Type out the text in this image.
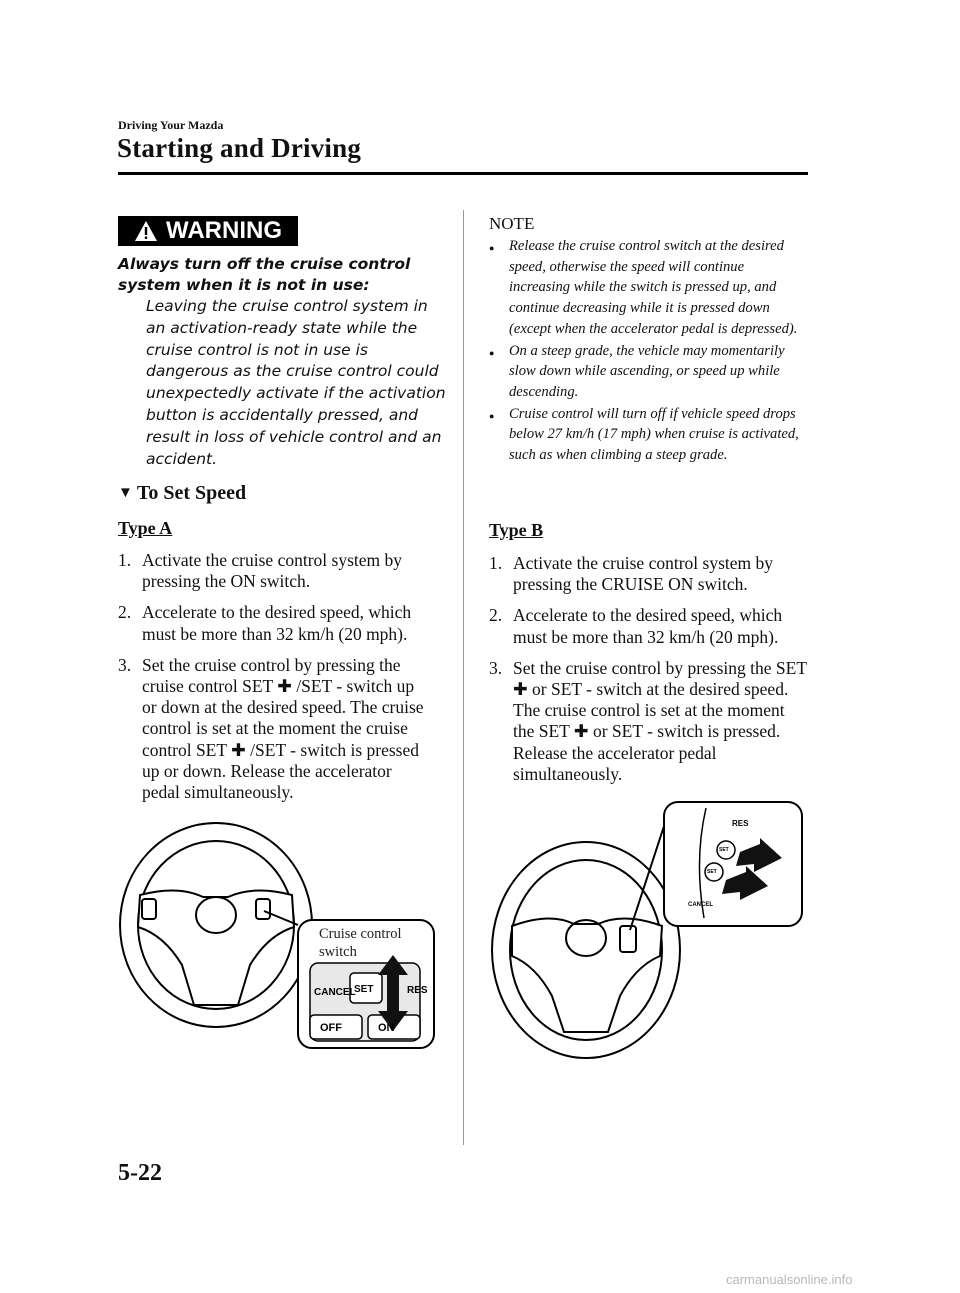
Driving Your Mazda
Starting and Driving
WARNING
Always turn off the cruise control system when it is not in use:
Leaving the cruise control system in an activation-ready state while the cruise control is not in use is dangerous as the cruise control could unexpectedly activate if the activation button is accidentally pressed, and result in loss of vehicle control and an accident.
▼ To Set Speed
Type A
1. Activate the cruise control system by pressing the ON switch.
2. Accelerate to the desired speed, which must be more than 32 km/h (20 mph).
3. Set the cruise control by pressing the cruise control SET ✚ /SET - switch up or down at the desired speed. The cruise control is set at the moment the cruise control SET ✚ /SET - switch is pressed up or down. Release the accelerator pedal simultaneously.
CANCEL
SET	RES
OFF	ON
Cruise control
switch
NOTE
● Release the cruise control switch at the desired speed, otherwise the speed will continue increasing while the switch is pressed up, and continue decreasing while it is pressed down (except when the accelerator pedal is depressed).
● On a steep grade, the vehicle may momentarily slow down while ascending, or speed up while descending.
● Cruise control will turn off if vehicle speed drops below 27 km/h (17 mph) when cruise is activated, such as when climbing a steep grade.
Type B
1. Activate the cruise control system by pressing the CRUISE ON switch.
2. Accelerate to the desired speed, which must be more than 32 km/h (20 mph).
3. Set the cruise control by pressing the SET ✚ or SET - switch at the desired speed. The cruise control is set at the moment the SET ✚ or SET - switch is pressed. Release the accelerator pedal simultaneously.
RES
SET
SET
CANCEL
5-22
carmanualsonline.info
